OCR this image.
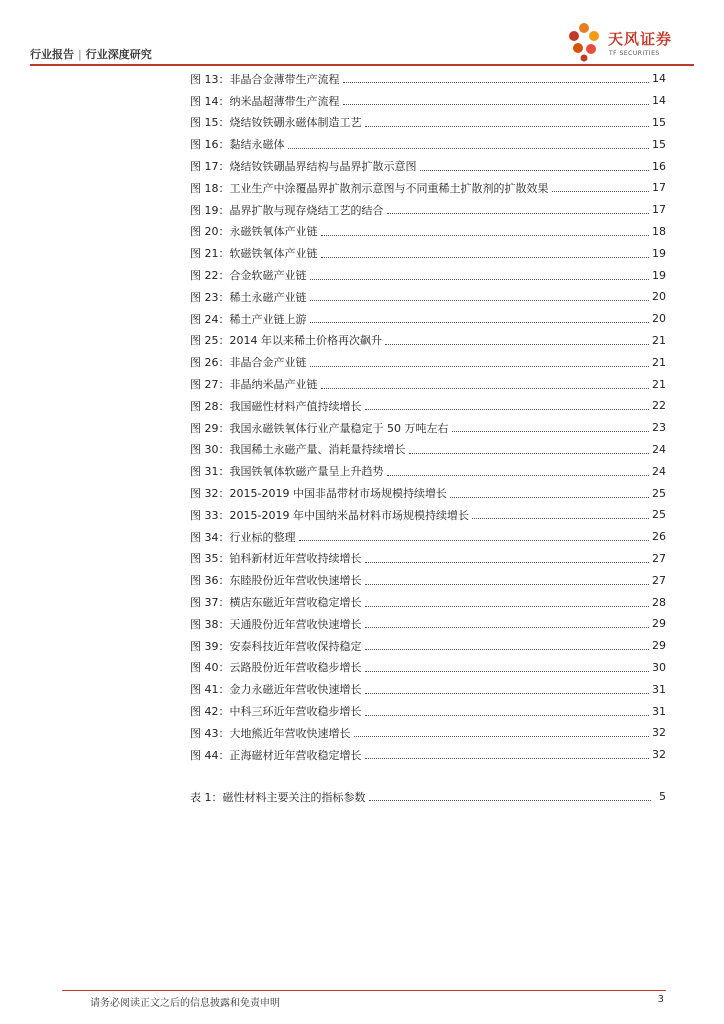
行业报告 | 行业深度研究
天风证券
TF SECURITIES
图 13： 非晶合金薄带生产流程	14
图 14： 纳米晶超薄带生产流程	14
图 15： 烧结钕铁硼永磁体制造工艺	15
图 16： 黏结永磁体	15
图 17： 烧结钕铁硼晶界结构与晶界扩散示意图	16
图 18： 工业生产中涂覆晶界扩散剂示意图与不同重稀土扩散剂的扩散效果	17
图 19： 晶界扩散与现存烧结工艺的结合	17
图 20： 永磁铁氧体产业链	18
图 21： 软磁铁氧体产业链	19
图 22： 合金软磁产业链	19
图 23： 稀土永磁产业链	20
图 24： 稀土产业链上游	20
图 25： 2014 年以来稀土价格再次飙升	21
图 26： 非晶合金产业链	21
图 27： 非晶纳米晶产业链	21
图 28： 我国磁性材料产值持续增长	22
图 29： 我国永磁铁氧体行业产量稳定于 50 万吨左右	23
图 30： 我国稀土永磁产量、消耗量持续增长	24
图 31： 我国铁氧体软磁产量呈上升趋势	24
图 32： 2015-2019 中国非晶带材市场规模持续增长	25
图 33： 2015-2019 年中国纳米晶材料市场规模持续增长	25
图 34： 行业标的整理	26
图 35： 铂科新材近年营收持续增长	27
图 36： 东睦股份近年营收快速增长	27
图 37： 横店东磁近年营收稳定增长	28
图 38： 天通股份近年营收快速增长	29
图 39： 安泰科技近年营收保持稳定	29
图 40： 云路股份近年营收稳步增长	30
图 41： 金力永磁近年营收快速增长	31
图 42： 中科三环近年营收稳步增长	31
图 43： 大地熊近年营收快速增长	32
图 44： 正海磁材近年营收稳定增长	32
表 1： 磁性材料主要关注的指标参数	5
请务必阅读正文之后的信息披露和免责申明	3
